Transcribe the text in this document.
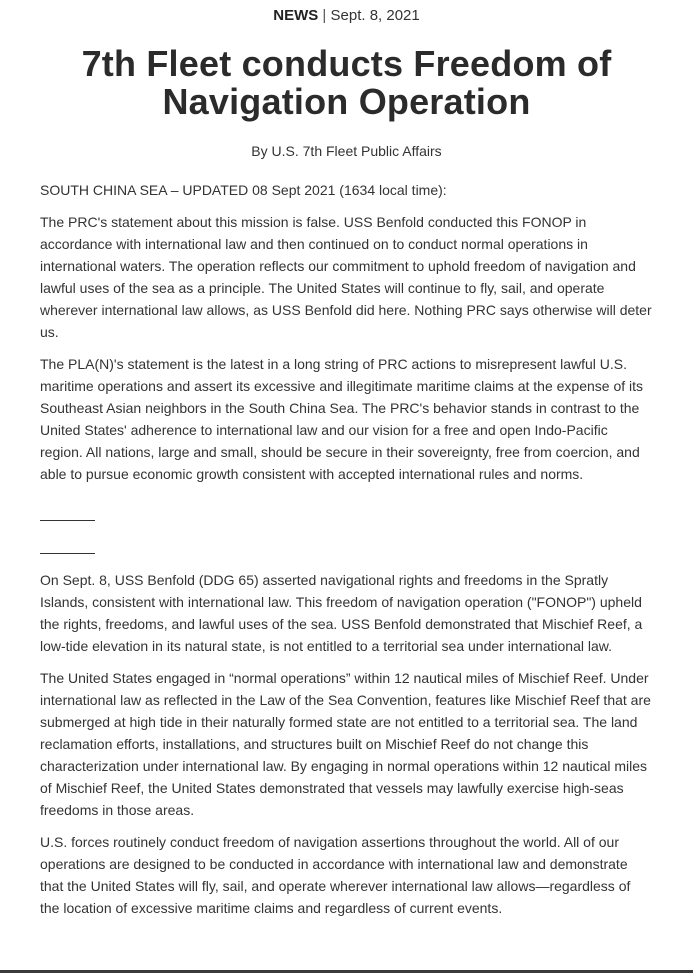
NEWS | Sept. 8, 2021
7th Fleet conducts Freedom of Navigation Operation
By U.S. 7th Fleet Public Affairs
SOUTH CHINA SEA – UPDATED 08 Sept 2021 (1634 local time):

The PRC's statement about this mission is false. USS Benfold conducted this FONOP in accordance with international law and then continued on to conduct normal operations in international waters. The operation reflects our commitment to uphold freedom of navigation and lawful uses of the sea as a principle. The United States will continue to fly, sail, and operate wherever international law allows, as USS Benfold did here. Nothing PRC says otherwise will deter us.

The PLA(N)'s statement is the latest in a long string of PRC actions to misrepresent lawful U.S. maritime operations and assert its excessive and illegitimate maritime claims at the expense of its Southeast Asian neighbors in the South China Sea. The PRC's behavior stands in contrast to the United States' adherence to international law and our vision for a free and open Indo-Pacific region. All nations, large and small, should be secure in their sovereignty, free from coercion, and able to pursue economic growth consistent with accepted international rules and norms.

On Sept. 8, USS Benfold (DDG 65) asserted navigational rights and freedoms in the Spratly Islands, consistent with international law. This freedom of navigation operation ("FONOP") upheld the rights, freedoms, and lawful uses of the sea. USS Benfold demonstrated that Mischief Reef, a low-tide elevation in its natural state, is not entitled to a territorial sea under international law.

The United States engaged in “normal operations” within 12 nautical miles of Mischief Reef. Under international law as reflected in the Law of the Sea Convention, features like Mischief Reef that are submerged at high tide in their naturally formed state are not entitled to a territorial sea. The land reclamation efforts, installations, and structures built on Mischief Reef do not change this characterization under international law. By engaging in normal operations within 12 nautical miles of Mischief Reef, the United States demonstrated that vessels may lawfully exercise high-seas freedoms in those areas.

U.S. forces routinely conduct freedom of navigation assertions throughout the world. All of our operations are designed to be conducted in accordance with international law and demonstrate that the United States will fly, sail, and operate wherever international law allows—regardless of the location of excessive maritime claims and regardless of current events.
